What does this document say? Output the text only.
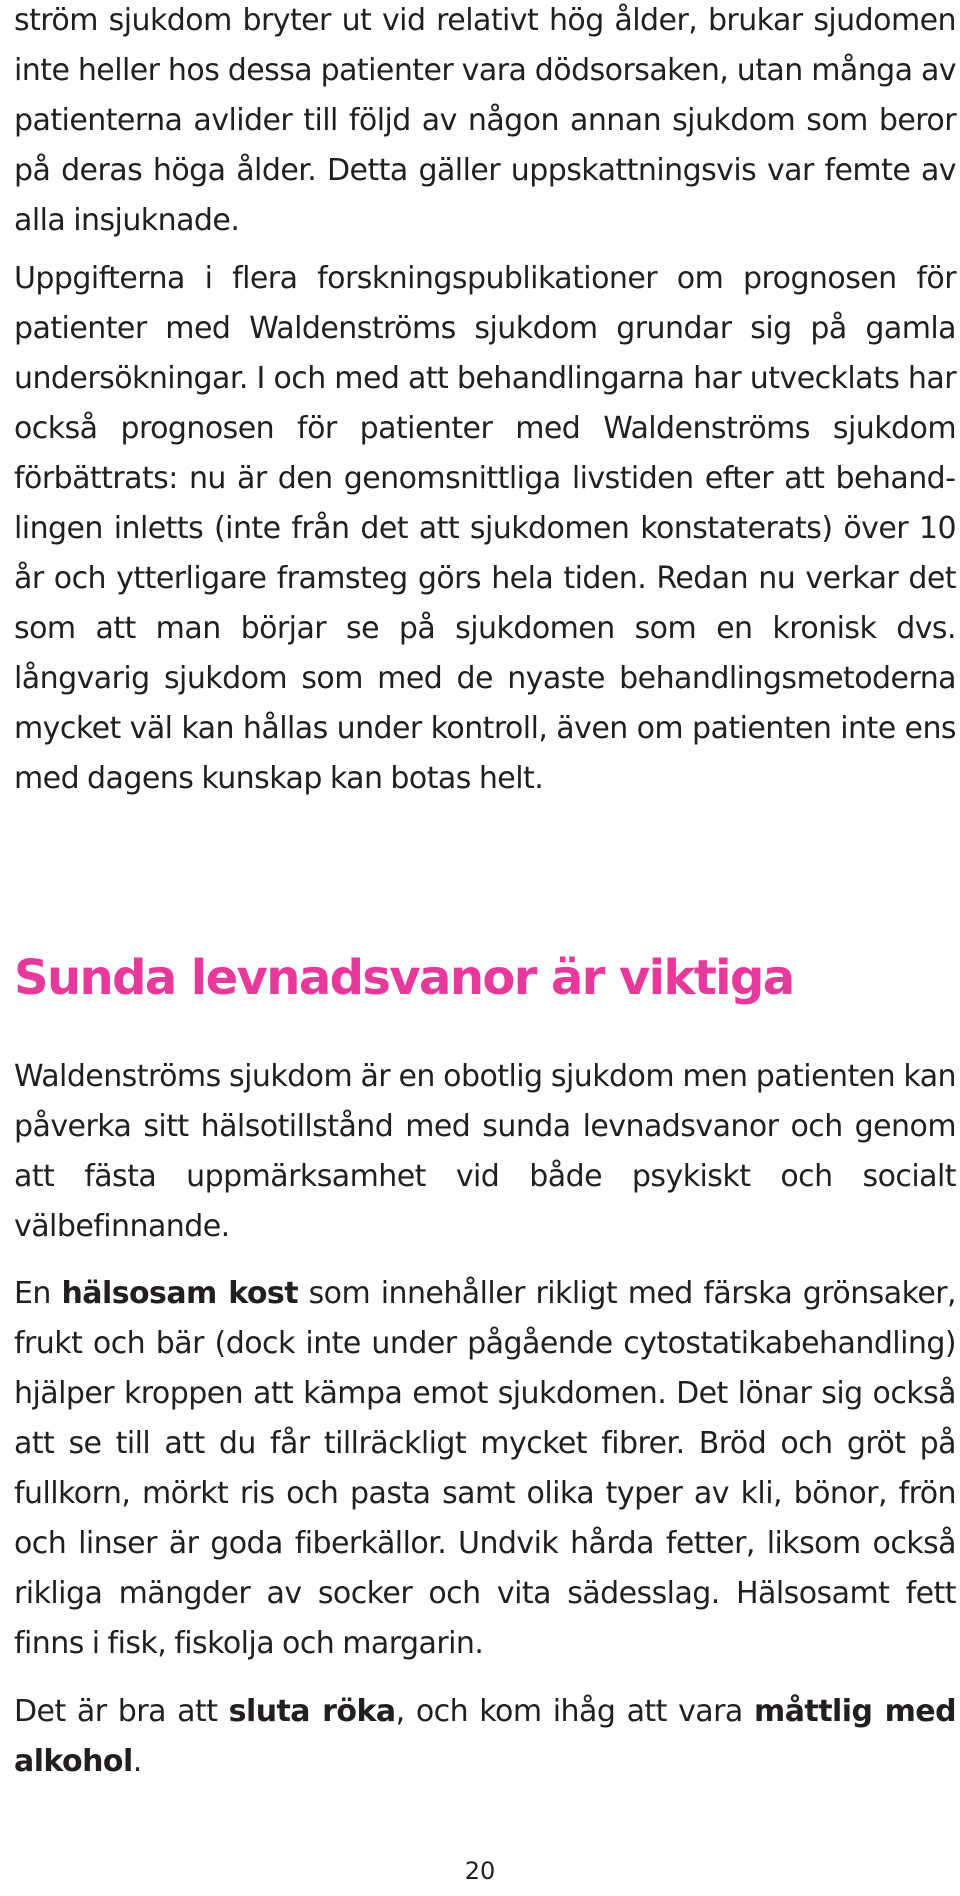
ström sjukdom bryter ut vid relativt hög ålder, brukar sjudomen inte heller hos dessa patienter vara dödsorsaken, utan många av patienterna avlider till följd av någon annan sjukdom som beror på deras höga ålder. Detta gäller uppskattningsvis var femte av alla insjuknade.

Uppgifterna i flera forskningspublikationer om prognosen för patienter med Waldenströms sjukdom grundar sig på gamla undersökningar. I och med att behandlingarna har utvecklats har också prognosen för patienter med Waldenströms sjukdom förbättrats: nu är den genomsnittliga livstiden efter att behandlingen inletts (inte från det att sjukdomen konstaterats) över 10 år och ytterligare framsteg görs hela tiden. Redan nu verkar det som att man börjar se på sjukdomen som en kronisk dvs. långvarig sjukdom som med de nyaste behandlingsmetoderna mycket väl kan hållas under kontroll, även om patienten inte ens med dagens kunskap kan botas helt.

Sunda levnadsvanor är viktiga

Waldenströms sjukdom är en obotlig sjukdom men patienten kan påverka sitt hälsotillstånd med sunda levnadsvanor och genom att fästa uppmärksamhet vid både psykiskt och socialt välbefinnande.

En hälsosam kost som innehåller rikligt med färska grönsaker, frukt och bär (dock inte under pågående cytostatikabehandling) hjälper kroppen att kämpa emot sjukdomen. Det lönar sig också att se till att du får tillräckligt mycket fibrer. Bröd och gröt på fullkorn, mörkt ris och pasta samt olika typer av kli, bönor, frön och linser är goda fiberkällor. Undvik hårda fetter, liksom också rikliga mängder av socker och vita sädesslag. Hälsosamt fett finns i fisk, fiskolja och margarin.

Det är bra att sluta röka, och kom ihåg att vara måttlig med alkohol.

20
